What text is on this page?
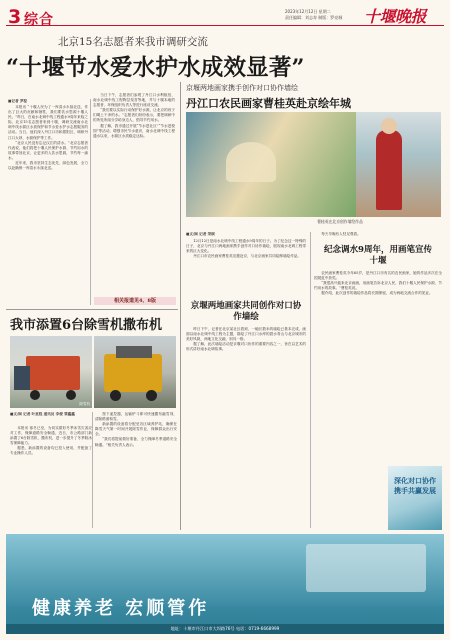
3 综合
2023年12月12日 星期二
责任编辑：刘志寿 制版：罗亮城 十堰晚报
北京15名志愿者来我市调研交流
“十堰节水爱水护水成效显著”
■记者 罗程

本报讯 “十堰人民为了一库清水永续北送，作出了巨大的贡献和牺牲，我们要饮水思源十堰人民。”昨日，在南水北调中线工程通水9周年来临之际，北京15名志愿者来到十堰，调研交流南水北调中线水源区水质保护和节水爱水护水志愿服务的活动。当日，他们深入丹江口市和郧阳区，调研丹江口大坝、水源保护等工作。

“北京人民没有忘记汉江的清水。”北京志愿者代表说，他们将把十堰人民保护水源、节约用水的故事带回北京，让更多的人饮水思源，节约每一滴水。

近年来，我市坚持生态优先、绿色发展，全力以赴确保一库清水永续北送。

当日下午，志愿者们参观了丹江口水利枢纽、南水北调中线工程陶岔渠首等地，并与十堰本地的志愿者、环保组织负责人等进行座谈交流。

“我们要以实际行动保护好水源，让北京的孩子们喝上干净的水。”志愿者们纷纷表示，要把调研中的所见所闻分享给身边人，倡导节约用水。

据了解，我市通过开展“节水进社区”“节水进校园”等活动，增强市民节水意识，南水北调中线工程通水以来，水源区水质稳定达标。

相关报道见4、8版
我市添置6台除雪机撒布机
除雪机
■文/图 记者 叶星程 通讯员 李俊 覃鑫鑫

本报讯 寒冬已至，为切实做好冬季冰雪灾害应对工作，保障道路安全畅通，近日，市公路部门新添置了6台除雪机、撒布机，进一步提升了冬季除冰雪保障能力。

据悉，新添置的设备均已投入使用，并配备了专业操作人员。

按下遥控器，运输铲斗即可快速撒布融雪剂，清除路面积雪。

新添置的设备将分配至各区域养护站，确保在降雪天气第一时间开展除雪作业，保障群众出行安全。

“我们将提前做好准备，全力保障冬季道路安全畅通。”相关负责人表示。

京堰两地画家携手创作对口协作墙绘
丹江口农民画家曹桂英赴京绘年城
曹桂英在北京创作墙绘作品
■文/图 记者 荣颂

12月12日是南水北调中线工程通水9周年的日子。为了纪念这一特殊的日子，北京与丹江口两地画家携手创作对口协作墙绘，展现南水北调工程带来的巨大变化。

丹江口市农民画家曹桂英应邀赴京，与北京画家共同绘制墙绘作品。

京堰两地画家共同创作对口协作墙绘

昨日下午，记者在北京某社区看到，一幅长数米的墙绘已基本完成，画面以南水北调中线工程为主题，描绘了丹江口水库的碧水青山与北京城市的美好风貌，两地文化交融，别具一格。

据了解，此次墙绘活动是京堰对口协作的重要内容之一，旨在以艺术的形式讲好南水北调故事。

每天早晚有人驻足观看。

纪念调水9周年，用画笔宣传十堰

农民画家曹桂英今年65岁，是丹江口市有名的农民画家，她的作品多次在全国展览中获奖。

“我很高兴能来北京画画，用画笔告诉北京人民，我们十堰人民保护水源、节约用水的故事。”曹桂英说。

据介绍，此次创作的墙绘作品将长期保留，成为两地交流合作的见证。

深化对口协作 携手共赢发展
健康养老 宏顺管作
地址：十堰市丹江口市大坝路76号 电话：0719-6668999
